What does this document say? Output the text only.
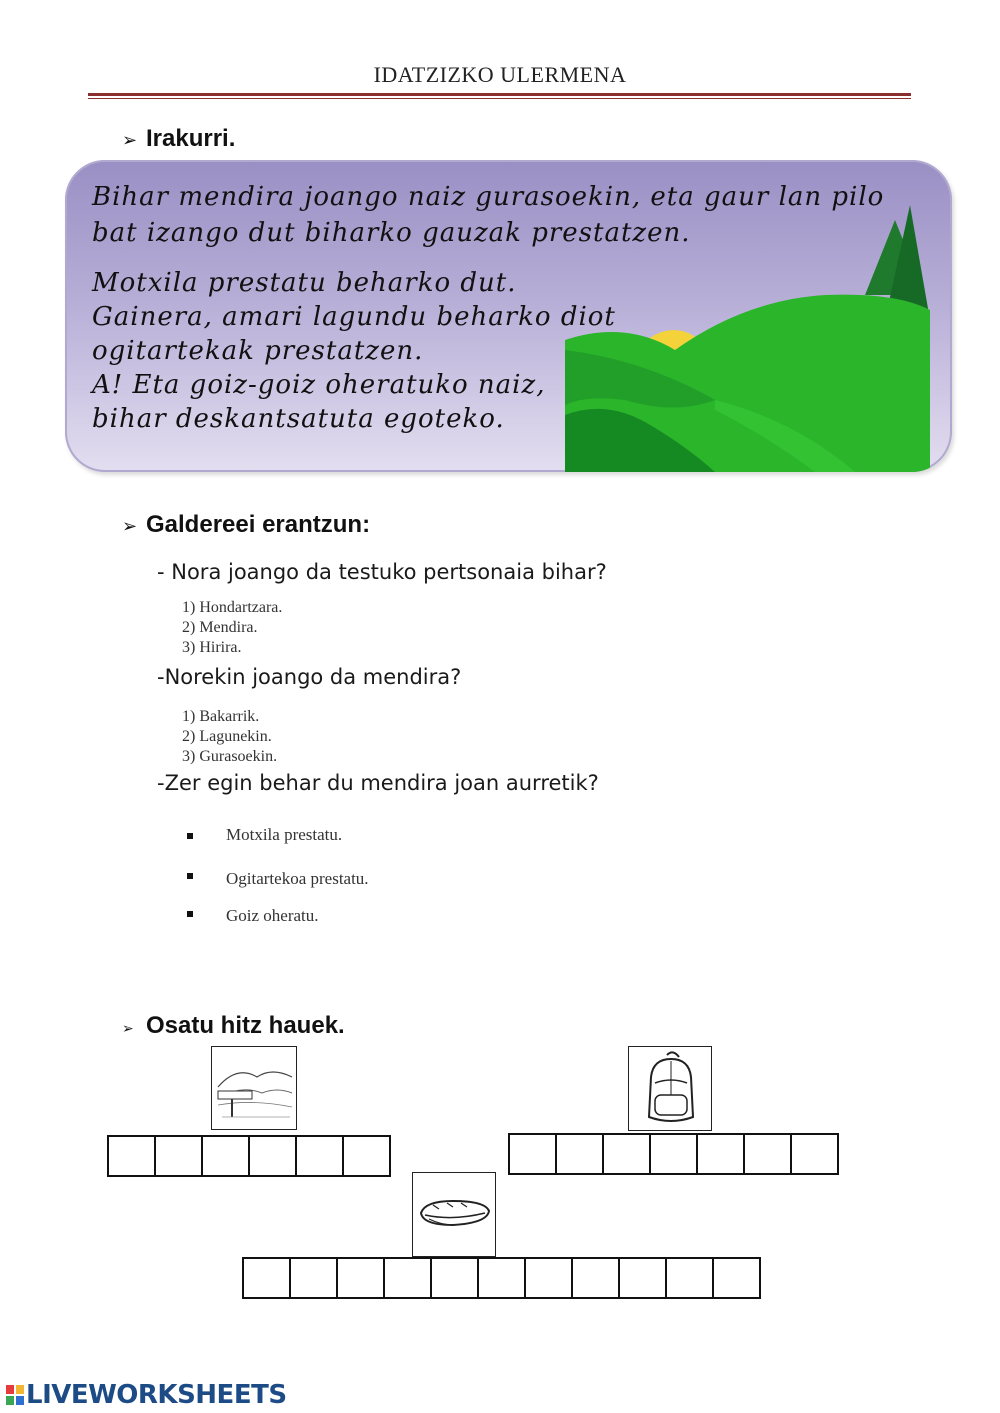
IDATZIZKO ULERMENA
➢ Irakurri.
Bihar mendira joango naiz gurasoekin, eta gaur lan pilo
bat izango dut biharko gauzak prestatzen.
Motxila prestatu beharko dut.
Gainera, amari lagundu beharko diot
ogitartekak prestatzen.
A! Eta goiz-goiz oheratuko naiz,
bihar deskantsatuta egoteko.
➢ Galdereei erantzun:
- Nora joango da testuko pertsonaia bihar?
1) Hondartzara.
2) Mendira.
3) Hirira.
-Norekin joango da mendira?
1) Bakarrik.
2) Lagunekin.
3) Gurasoekin.
-Zer egin behar du mendira joan aurretik?
Motxila prestatu.
Ogitartekoa prestatu.
Goiz oheratu.
➢ Osatu hitz hauek.
LIVEWORKSHEETS
